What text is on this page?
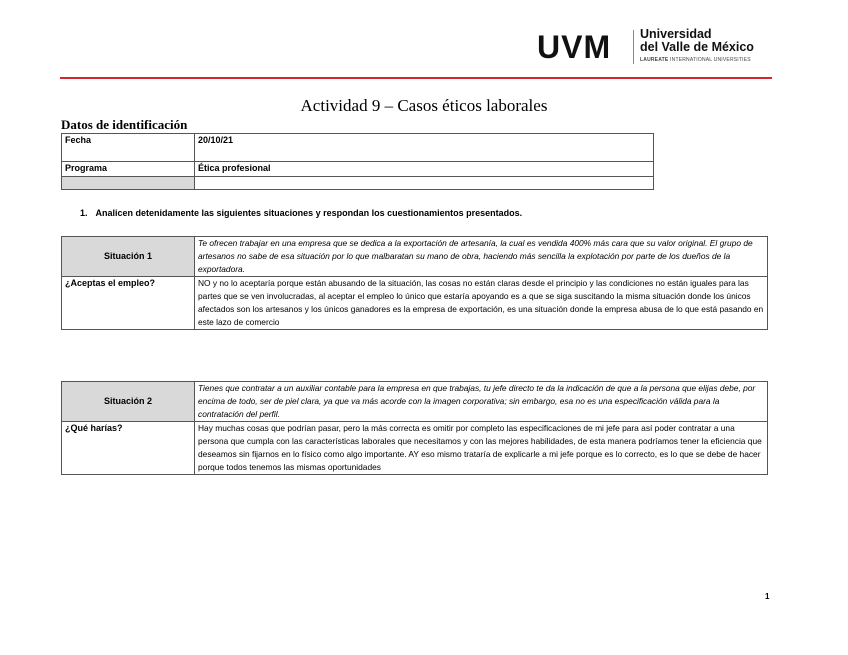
UVM Universidad
del Valle de México
LAUREATE INTERNATIONAL UNIVERSITIES
Actividad 9 – Casos éticos laborales
Datos de identificación
Fecha	20/10/21
Programa	Ética profesional

1. Analicen detenidamente las siguientes situaciones y respondan los cuestionamientos presentados.
Situación 1	Te ofrecen trabajar en una empresa que se dedica a la exportación de artesanía, la cual es vendida 400% más cara que su valor original. El grupo de artesanos no sabe de esa situación por lo que malbaratan su mano de obra, haciendo más sencilla la explotación por parte de los dueños de la exportadora.
¿Aceptas el empleo?	NO y no lo aceptaría porque están abusando de la situación, las cosas no están claras desde el principio y las condiciones no están iguales para las partes que se ven involucradas, al aceptar el empleo lo único que estaría apoyando es a que se siga suscitando la misma situación donde los únicos afectados son los artesanos y los únicos ganadores es la empresa de exportación, es una situación donde la empresa abusa de lo que está pasando en este lazo de comercio
Situación 2	Tienes que contratar a un auxiliar contable para la empresa en que trabajas, tu jefe directo te da la indicación de que a la persona que elijas debe, por encima de todo, ser de piel clara, ya que va más acorde con la imagen corporativa; sin embargo, esa no es una especificación válida para la contratación del perfil.
¿Qué harías?	Hay muchas cosas que podrían pasar, pero la más correcta es omitir por completo las especificaciones de mi jefe para así poder contratar a una persona que cumpla con las características laborales que necesitamos y con las mejores habilidades, de esta manera podríamos tener la eficiencia que deseamos sin fijarnos en lo físico como algo importante. AY eso mismo trataría de explicarle a mi jefe porque es lo correcto, es lo que se debe de hacer porque todos tenemos las mismas oportunidades
1
